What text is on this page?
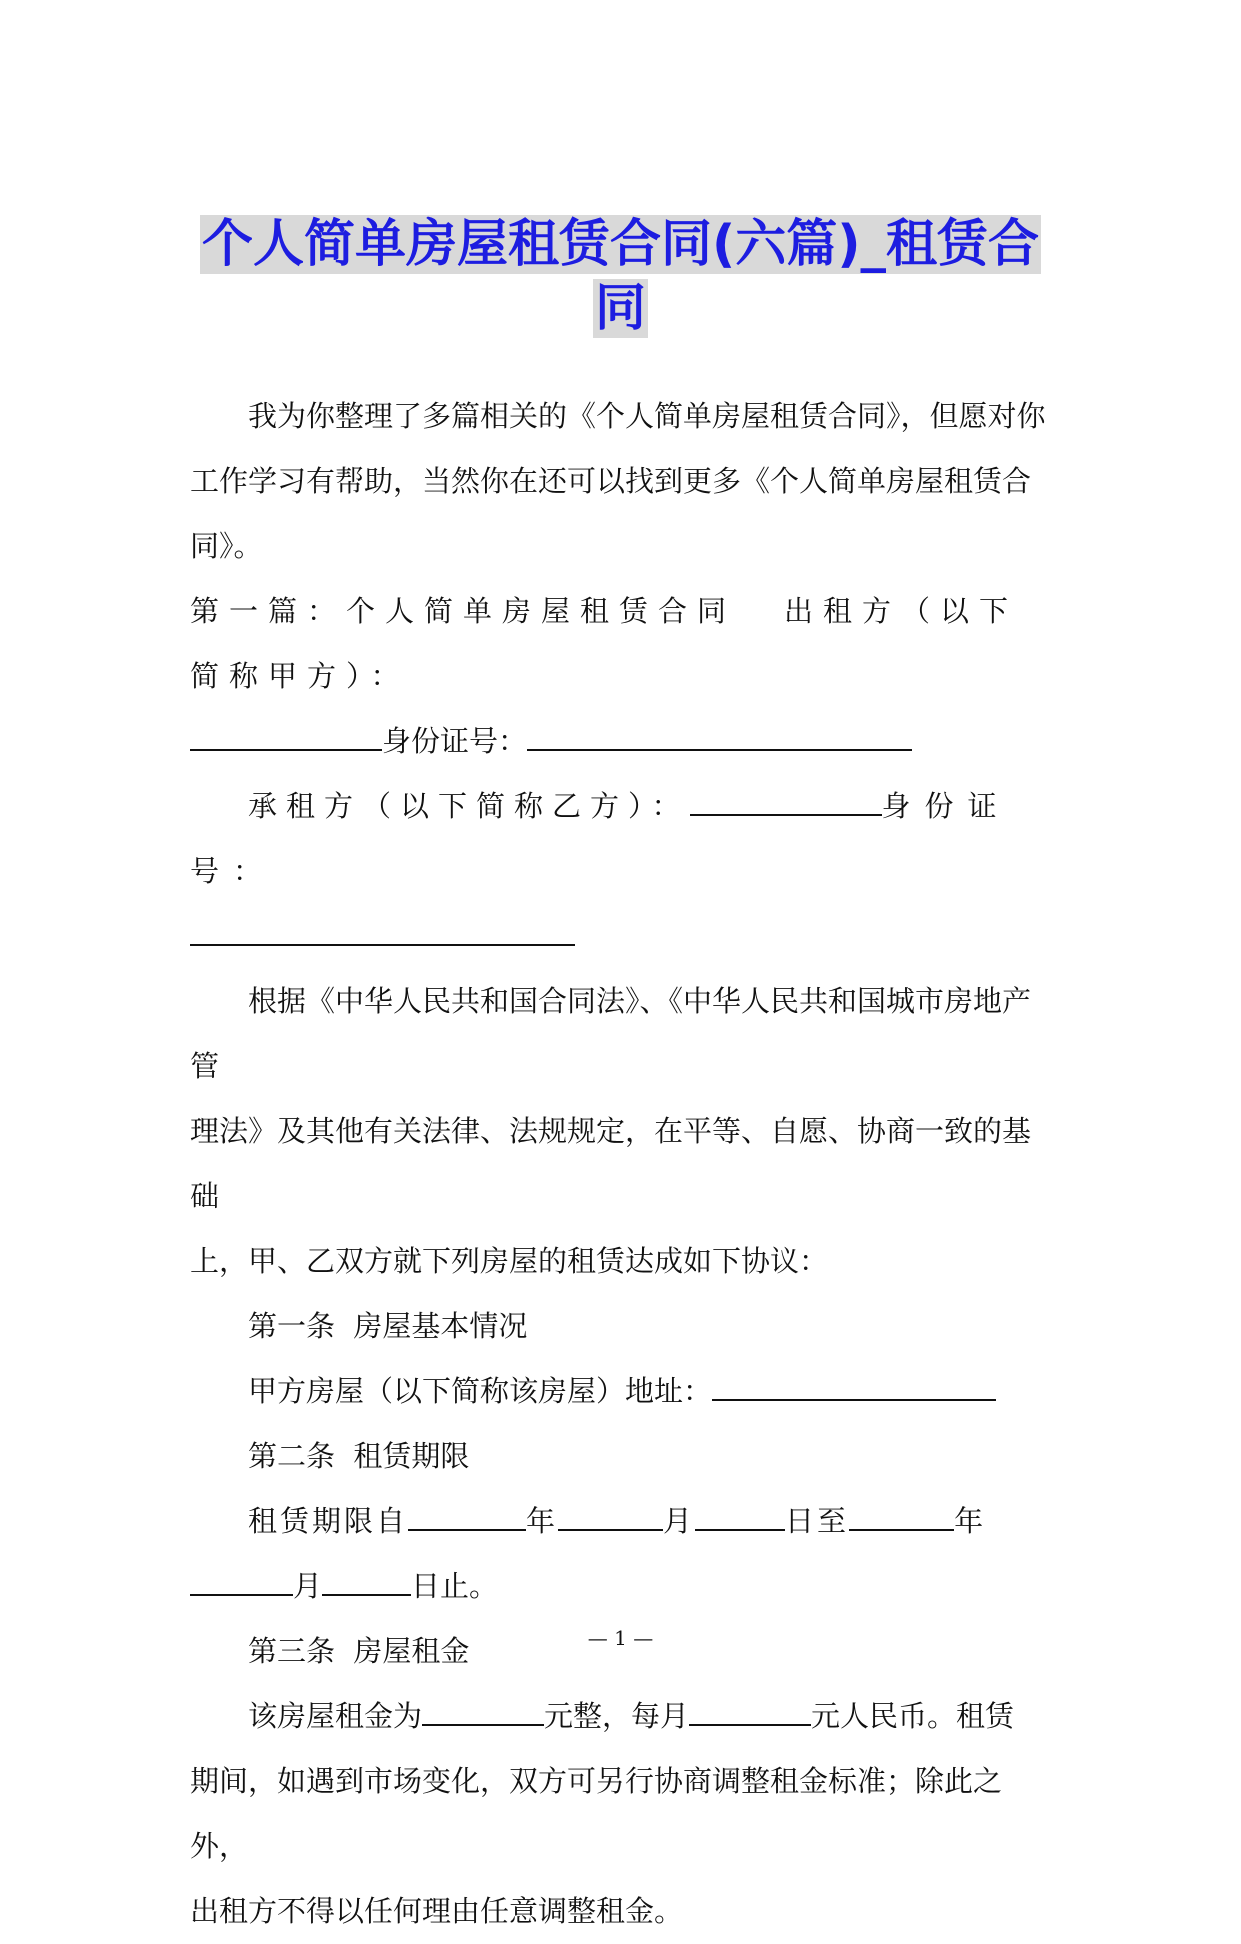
个人简单房屋租赁合同(六篇)_租赁合
同

我为你整理了多篇相关的《个人简单房屋租赁合同》，但愿对你

工作学习有帮助，当然你在还可以找到更多《个人简单房屋租赁合

同》。

第一篇：个人简单房屋租赁合同 出租方（以下简称甲方）：

身份证号：

承租方（以下简称乙方）：	身份证号：

根据《中华人民共和国合同法》、《中华人民共和国城市房地产管

理法》及其他有关法律、法规规定，在平等、自愿、协商一致的基础

上，甲、乙双方就下列房屋的租赁达成如下协议：

第一条  房屋基本情况

甲方房屋（以下简称该房屋）地址：

第二条  租赁期限

租赁期限自	年	月	日至	年

月	日止。

第三条  房屋租金

该房屋租金为	元整，每月	元人民币。租赁

期间，如遇到市场变化，双方可另行协商调整租金标准；除此之外，

出租方不得以任何理由任意调整租金。

— 1 —
